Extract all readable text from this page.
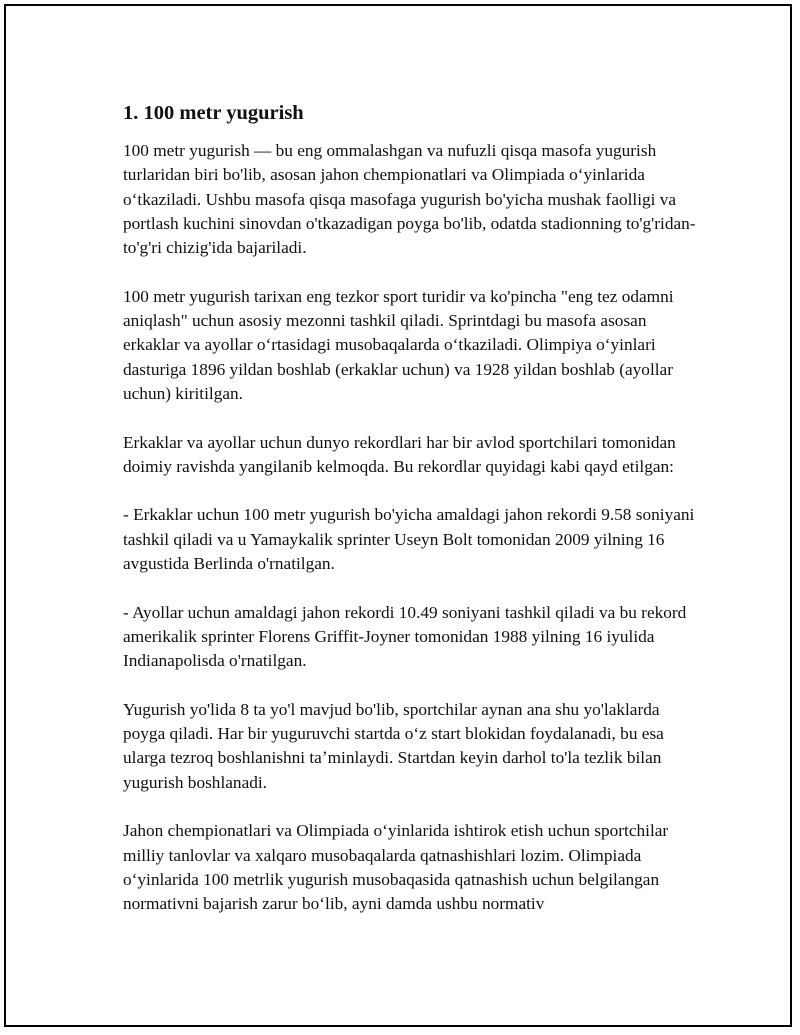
1. 100 metr yugurish

100 metr yugurish — bu eng ommalashgan va nufuzli qisqa masofa yugurish turlaridan biri bo'lib, asosan jahon chempionatlari va Olimpiada oʻyinlarida oʻtkaziladi. Ushbu masofa qisqa masofaga yugurish bo'yicha mushak faolligi va portlash kuchini sinovdan o'tkazadigan poyga bo'lib, odatda stadionning to'g'ridan-to'g'ri chizig'ida bajariladi.

100 metr yugurish tarixan eng tezkor sport turidir va ko'pincha "eng tez odamni aniqlash" uchun asosiy mezonni tashkil qiladi. Sprintdagi bu masofa asosan erkaklar va ayollar oʻrtasidagi musobaqalarda oʻtkaziladi. Olimpiya oʻyinlari dasturiga 1896 yildan boshlab (erkaklar uchun) va 1928 yildan boshlab (ayollar uchun) kiritilgan.

Erkaklar va ayollar uchun dunyo rekordlari har bir avlod sportchilari tomonidan doimiy ravishda yangilanib kelmoqda. Bu rekordlar quyidagi kabi qayd etilgan:

- Erkaklar uchun 100 metr yugurish bo'yicha amaldagi jahon rekordi 9.58 soniyani tashkil qiladi va u Yamaykalik sprinter Useyn Bolt tomonidan 2009 yilning 16 avgustida Berlinda o'rnatilgan.

- Ayollar uchun amaldagi jahon rekordi 10.49 soniyani tashkil qiladi va bu rekord amerikalik sprinter Florens Griffit-Joyner tomonidan 1988 yilning 16 iyulida Indianapolisda o'rnatilgan.

Yugurish yo'lida 8 ta yo'l mavjud bo'lib, sportchilar aynan ana shu yo'laklarda poyga qiladi. Har bir yuguruvchi startda oʻz start blokidan foydalanadi, bu esa ularga tezroq boshlanishni taʼminlaydi. Startdan keyin darhol to'la tezlik bilan yugurish boshlanadi.

Jahon chempionatlari va Olimpiada oʻyinlarida ishtirok etish uchun sportchilar milliy tanlovlar va xalqaro musobaqalarda qatnashishlari lozim. Olimpiada oʻyinlarida 100 metrlik yugurish musobaqasida qatnashish uchun belgilangan normativni bajarish zarur boʻlib, ayni damda ushbu normativ
